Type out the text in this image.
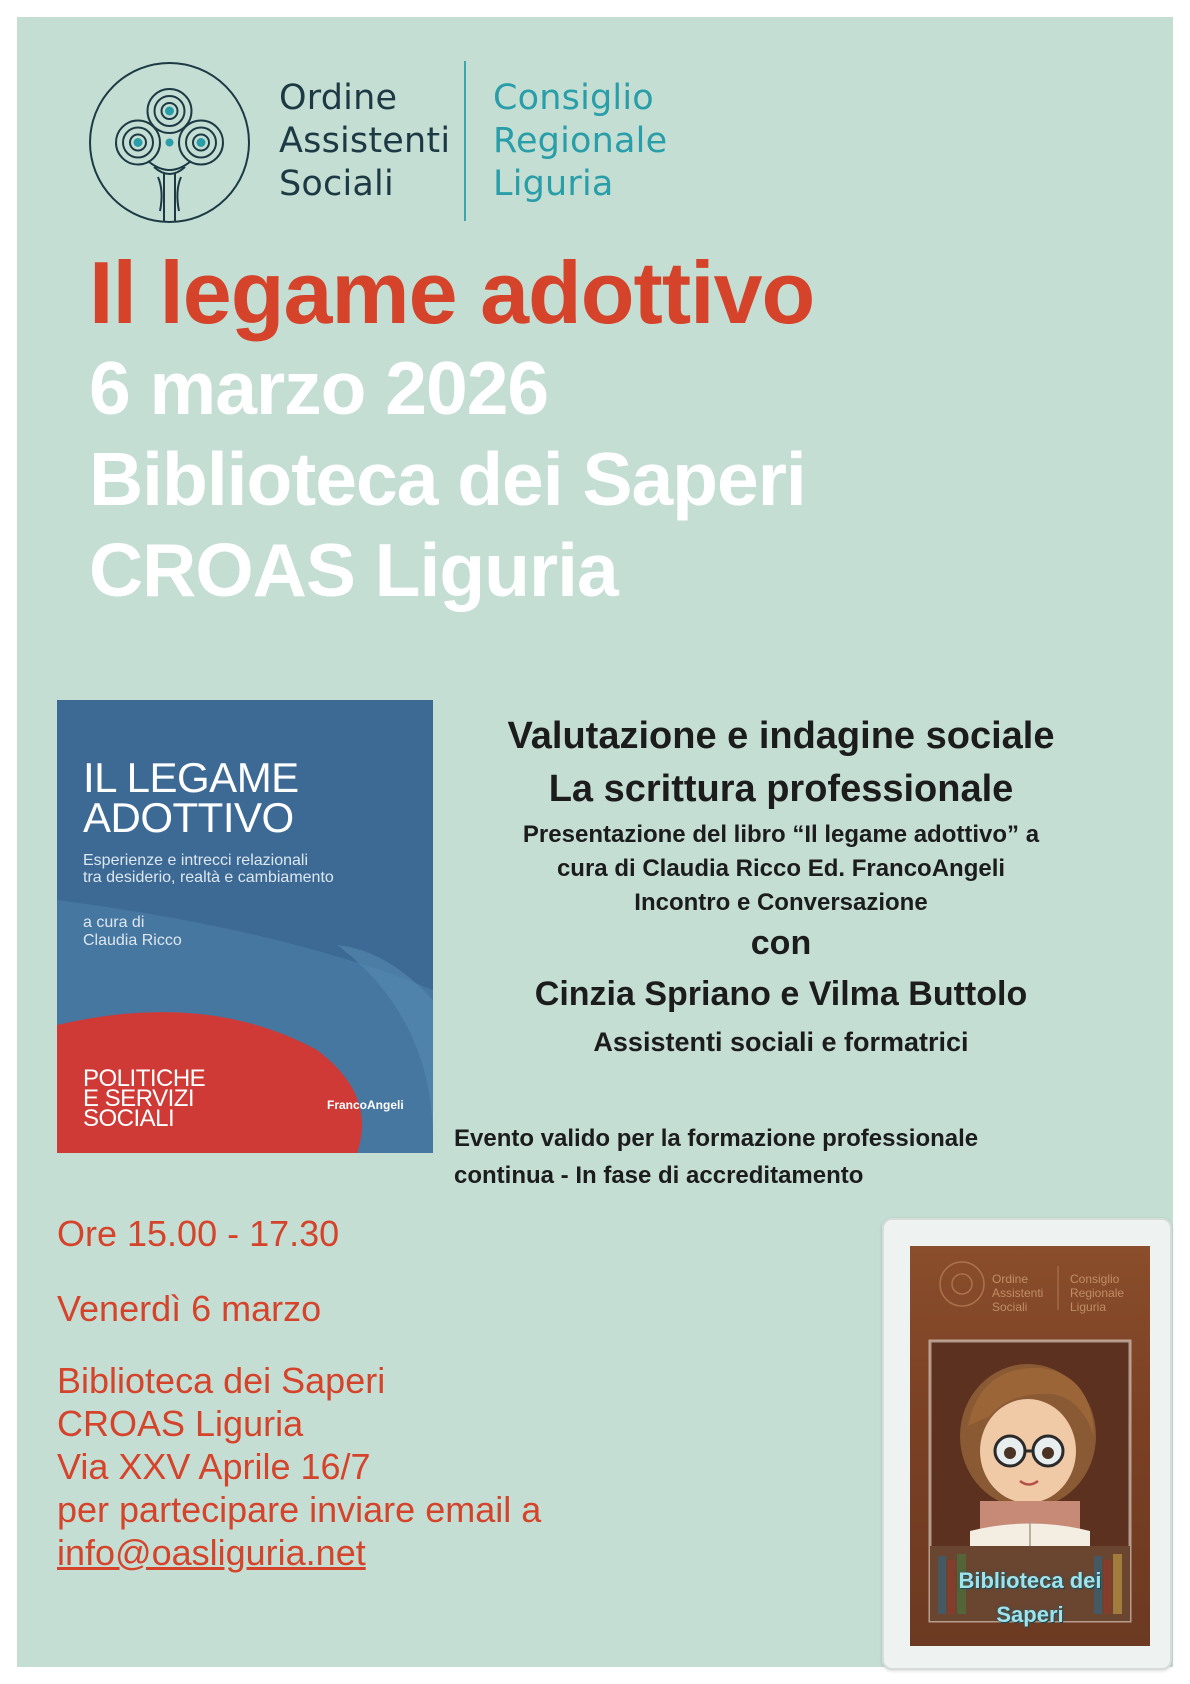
Ordine
Assistenti
Sociali
Consiglio
Regionale
Liguria
Il legame adottivo
6 marzo 2026
Biblioteca dei Saperi
CROAS Liguria
IL LEGAME
ADOTTIVO
Esperienze e intrecci relazionali
tra desiderio, realtà e cambiamento
a cura di
Claudia Ricco
POLITICHE
E SERVIZI
SOCIALI	FrancoAngeli
Valutazione e indagine sociale
La scrittura professionale
Presentazione del libro “Il legame adottivo” a
cura di Claudia Ricco Ed. FrancoAngeli
Incontro e Conversazione
con
Cinzia Spriano e Vilma Buttolo
Assistenti sociali e formatrici
Evento valido per la formazione professionale
continua - In fase di accreditamento
Ore 15.00 - 17.30
Venerdì 6 marzo
Biblioteca dei Saperi
CROAS Liguria
Via XXV Aprile 16/7
per partecipare inviare email a
info@oasliguria.net
Ordine
Assistenti
Sociali
Consiglio
Regionale
Liguria
Biblioteca dei
Saperi
